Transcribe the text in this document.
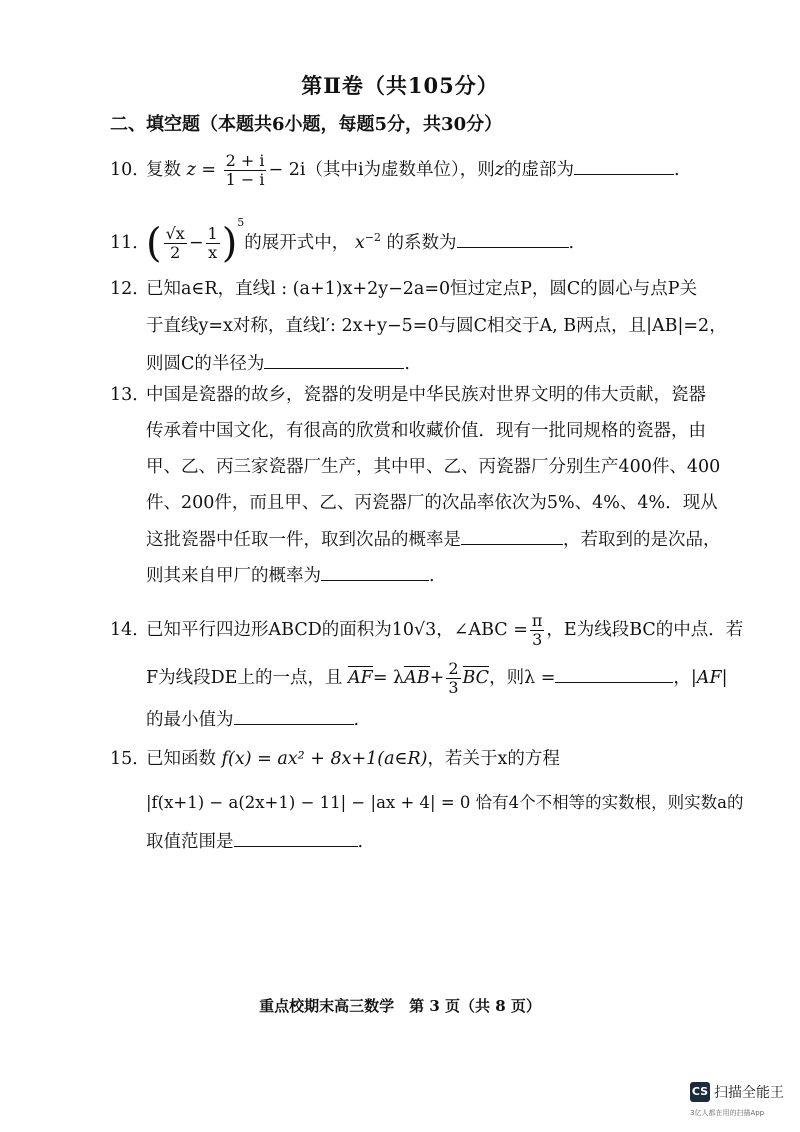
第Ⅱ卷（共105分）
二、填空题（本题共6小题，每题5分，共30分）
10．复数 $z = \frac{2 + i}{1 - i} - 2i$（其中i为虚数单位），则z的虚部为	.
11．( $\frac{√x}{2} - \frac{1}{x} )^5$的展开式中， $x^{-2}$ 的系数为	.
12．已知a∈R，直线l : (a+1)x+2y−2a=0恒过定点P，圆C的圆心与点P关
于直线y=x对称，直线l′: 2x+y−5=0与圆C相交于A, B两点，且|AB|=2，
则圆C的半径为	.
13．中国是瓷器的故乡，瓷器的发明是中华民族对世界文明的伟大贡献，瓷器
传承着中国文化，有很高的欣赏和收藏价值．现有一批同规格的瓷器，由
甲、乙、丙三家瓷器厂生产，其中甲、乙、丙瓷器厂分别生产400件、400
件、200件，而且甲、乙、丙瓷器厂的次品率依次为5%、4%、4%．现从
这批瓷器中任取一件，取到次品的概率是	，若取到的是次品，
则其来自甲厂的概率为	.
14．已知平行四边形ABCD的面积为10√3，∠ABC = $\frac{\pi}{3}$ ，E为线段BC的中点．若
F为线段DE上的一点，且 $AF= \lambda AB+ \frac{2}{3}$ BC，则λ =	，|AF|
的最小值为	.
15．已知函数 f(x) = ax² + 8x+1(a∈R)，若关于x的方程
|f(x+1) − a(2x+1) − 11| − |ax + 4| = 0 恰有4个不相等的实数根，则实数a的
取值范围是	.
重点校期末高三数学　第 3 页（共 8 页）
CS 扫描全能王
3亿人都在用的扫描App
